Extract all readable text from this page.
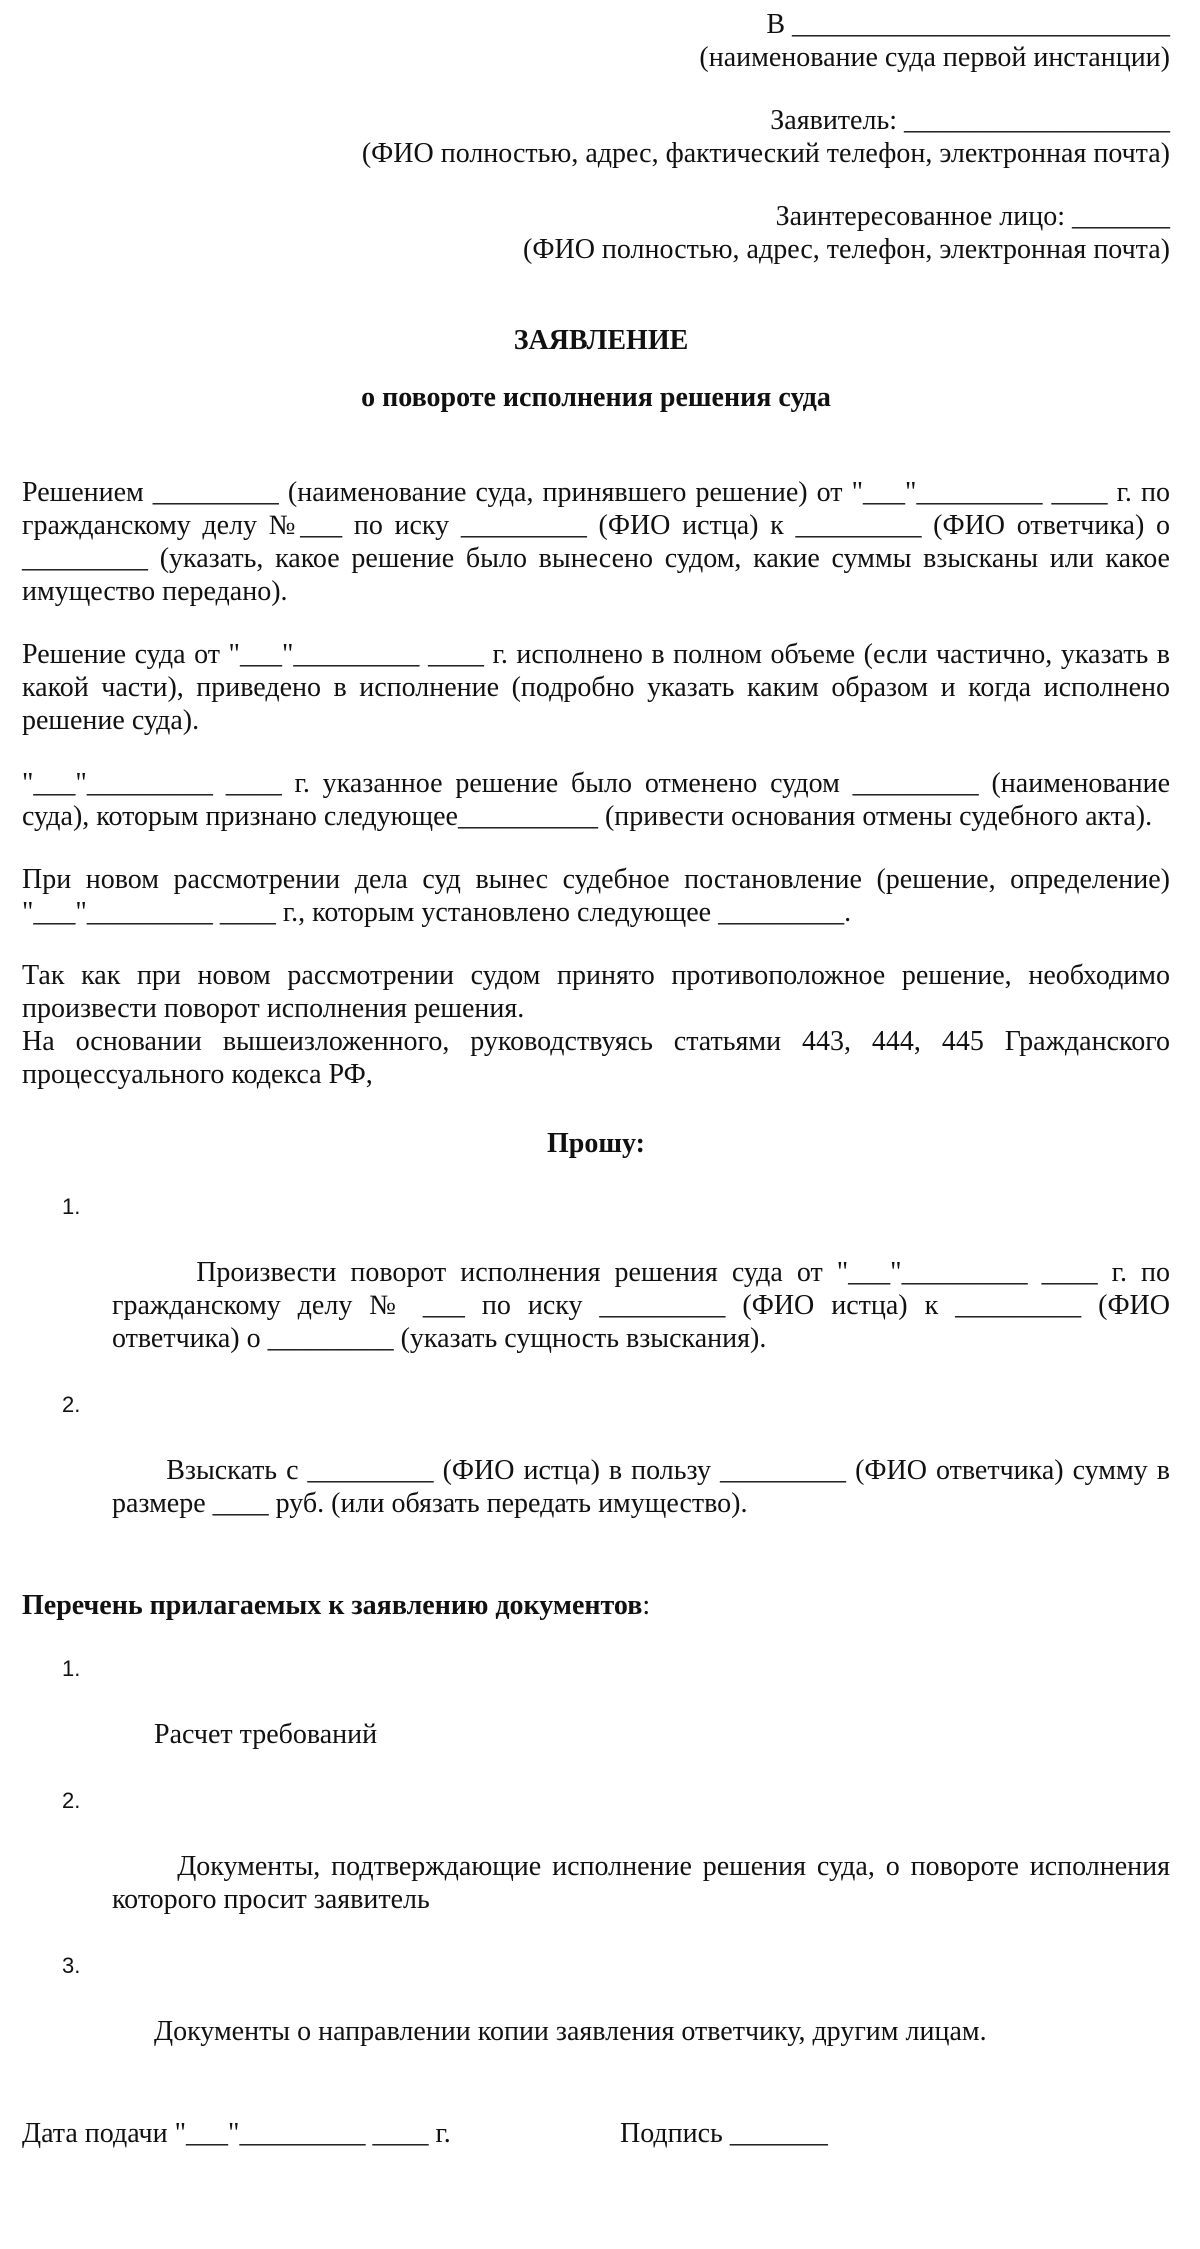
В ___________________________
(наименование суда первой инстанции)
Заявитель: ___________________
(ФИО полностью, адрес, фактический телефон, электронная почта)
Заинтересованное лицо: _______
(ФИО полностью, адрес, телефон, электронная почта)
ЗАЯВЛЕНИЕ
о повороте исполнения решения суда

Решением _________ (наименование суда, принявшего решение) от "___"_________ ____ г. по гражданскому делу №___ по иску _________ (ФИО истца) к _________ (ФИО ответчика) о _________ (указать, какое решение было вынесено судом, какие суммы взысканы или какое имущество передано).

Решение суда от "___"_________ ____ г. исполнено в полном объеме (если частично, указать в какой части), приведено в исполнение (подробно указать каким образом и когда исполнено решение суда).

"___"_________ ____ г. указанное решение было отменено судом _________ (наименование суда), которым признано следующее__________ (привести основания отмены судебного акта).

При новом рассмотрении дела суд вынес судебное постановление (решение, определение) "___"_________ ____ г., которым установлено следующее _________.

Так как при новом рассмотрении судом принято противоположное решение, необходимо произвести поворот исполнения решения.

На основании вышеизложенного, руководствуясь статьями 443, 444, 445 Гражданского процессуального кодекса РФ,

Прошу:

1.

Произвести поворот исполнения решения суда от "___"_________ ____ г. по гражданскому делу № ___ по иску _________ (ФИО истца) к _________ (ФИО ответчика) о _________ (указать сущность взыскания).

2.

Взыскать с _________ (ФИО истца) в пользу _________ (ФИО ответчика) сумму в размере ____ руб. (или обязать передать имущество).

Перечень прилагаемых к заявлению документов:

1.

Расчет требований

2.

Документы, подтверждающие исполнение решения суда, о повороте исполнения которого просит заявитель

3.

Документы о направлении копии заявления ответчику, другим лицам.

Дата подачи "___"_________ ____ г.

	Подпись _______
